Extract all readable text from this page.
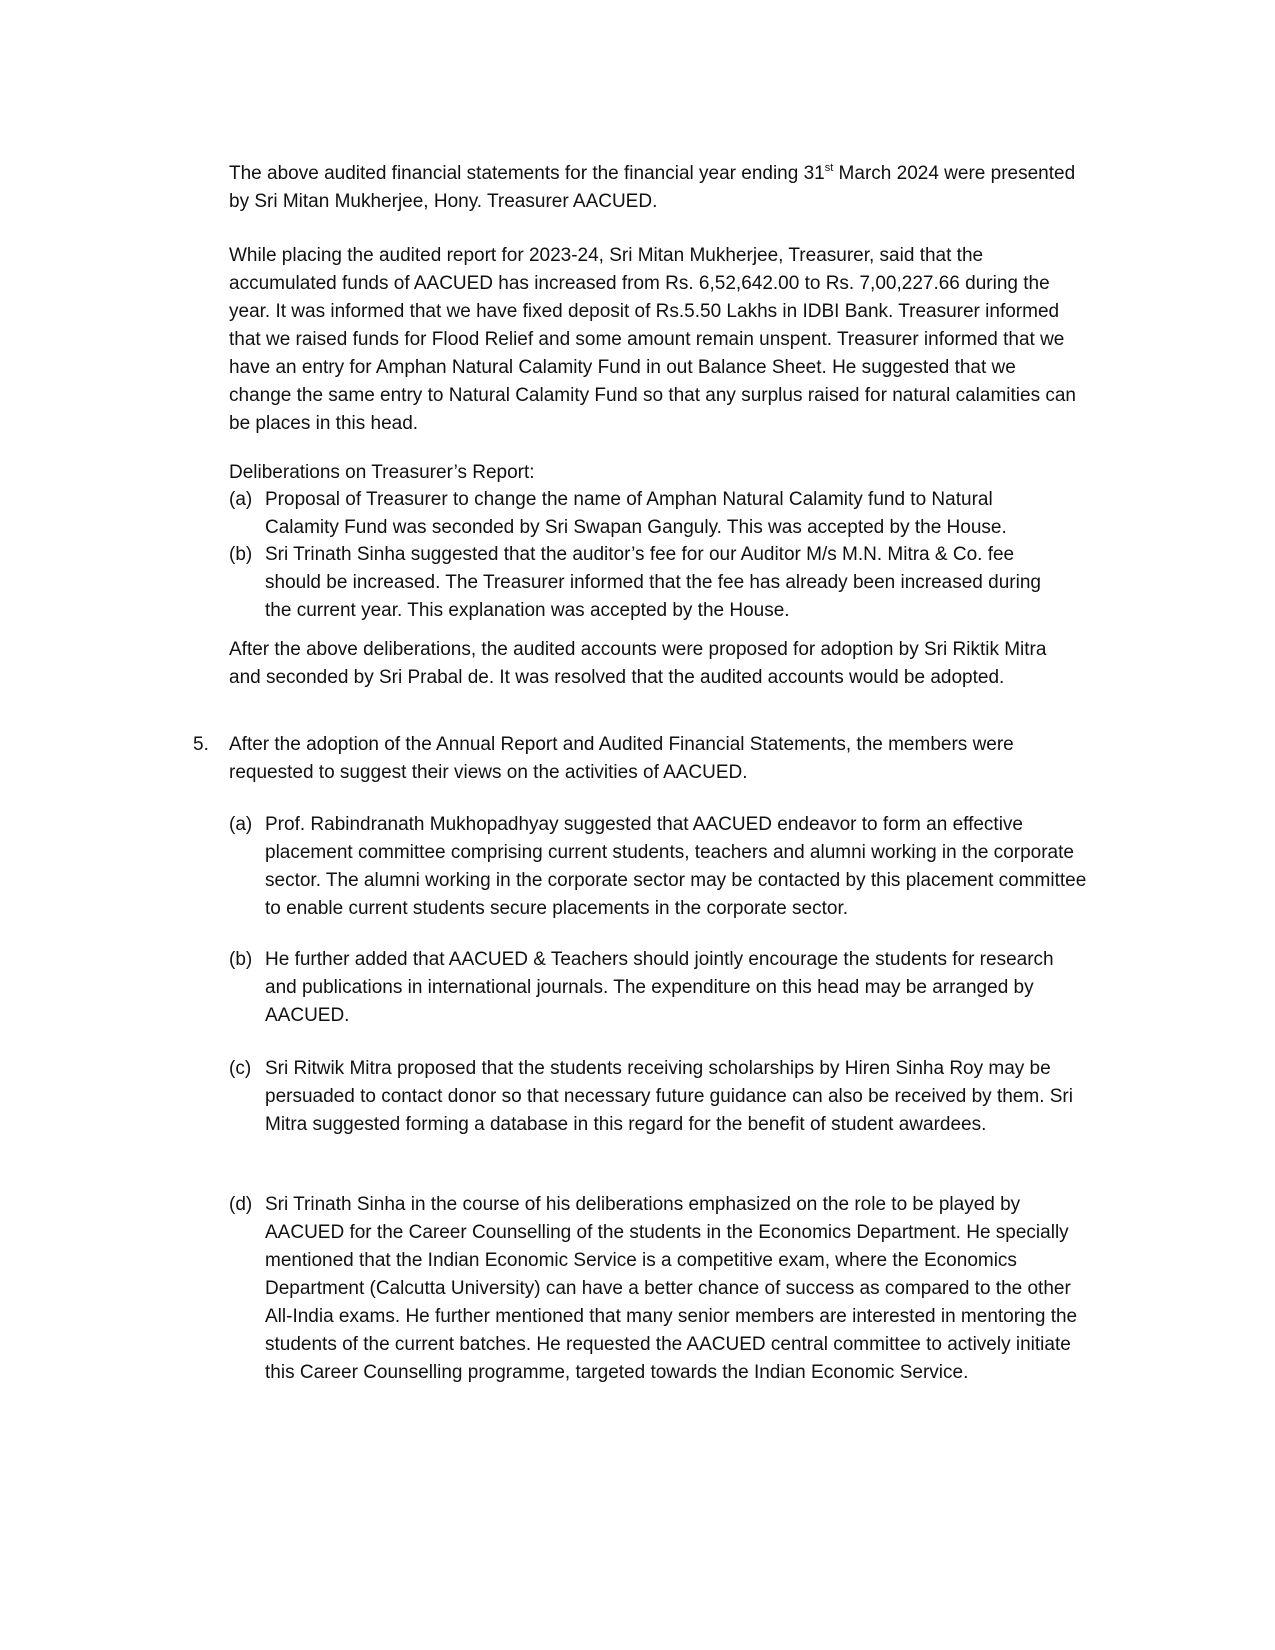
The above audited financial statements for the financial year ending 31st March 2024 were presented by Sri Mitan Mukherjee, Hony. Treasurer AACUED.

While placing the audited report for 2023-24, Sri Mitan Mukherjee, Treasurer, said that the accumulated funds of AACUED has increased from Rs. 6,52,642.00 to Rs. 7,00,227.66 during the year. It was informed that we have fixed deposit of Rs.5.50 Lakhs in IDBI Bank. Treasurer informed that we raised funds for Flood Relief and some amount remain unspent. Treasurer informed that we have an entry for Amphan Natural Calamity Fund in out Balance Sheet. He suggested that we change the same entry to Natural Calamity Fund so that any surplus raised for natural calamities can be places in this head.

Deliberations on Treasurer’s Report:

(a) Proposal of Treasurer to change the name of Amphan Natural Calamity fund to Natural Calamity Fund was seconded by Sri Swapan Ganguly. This was accepted by the House.
(b) Sri Trinath Sinha suggested that the auditor’s fee for our Auditor M/s M.N. Mitra & Co. fee should be increased. The Treasurer informed that the fee has already been increased during the current year. This explanation was accepted by the House.

After the above deliberations, the audited accounts were proposed for adoption by Sri Riktik Mitra and seconded by Sri Prabal de. It was resolved that the audited accounts would be adopted.

5. After the adoption of the Annual Report and Audited Financial Statements, the members were requested to suggest their views on the activities of AACUED.
(a) Prof. Rabindranath Mukhopadhyay suggested that AACUED endeavor to form an effective placement committee comprising current students, teachers and alumni working in the corporate sector. The alumni working in the corporate sector may be contacted by this placement committee to enable current students secure placements in the corporate sector.
(b) He further added that AACUED & Teachers should jointly encourage the students for research and publications in international journals. The expenditure on this head may be arranged by AACUED.
(c) Sri Ritwik Mitra proposed that the students receiving scholarships by Hiren Sinha Roy may be persuaded to contact donor so that necessary future guidance can also be received by them. Sri Mitra suggested forming a database in this regard for the benefit of student awardees.
(d) Sri Trinath Sinha in the course of his deliberations emphasized on the role to be played by AACUED for the Career Counselling of the students in the Economics Department. He specially mentioned that the Indian Economic Service is a competitive exam, where the Economics Department (Calcutta University) can have a better chance of success as compared to the other All-India exams. He further mentioned that many senior members are interested in mentoring the students of the current batches. He requested the AACUED central committee to actively initiate this Career Counselling programme, targeted towards the Indian Economic Service.
